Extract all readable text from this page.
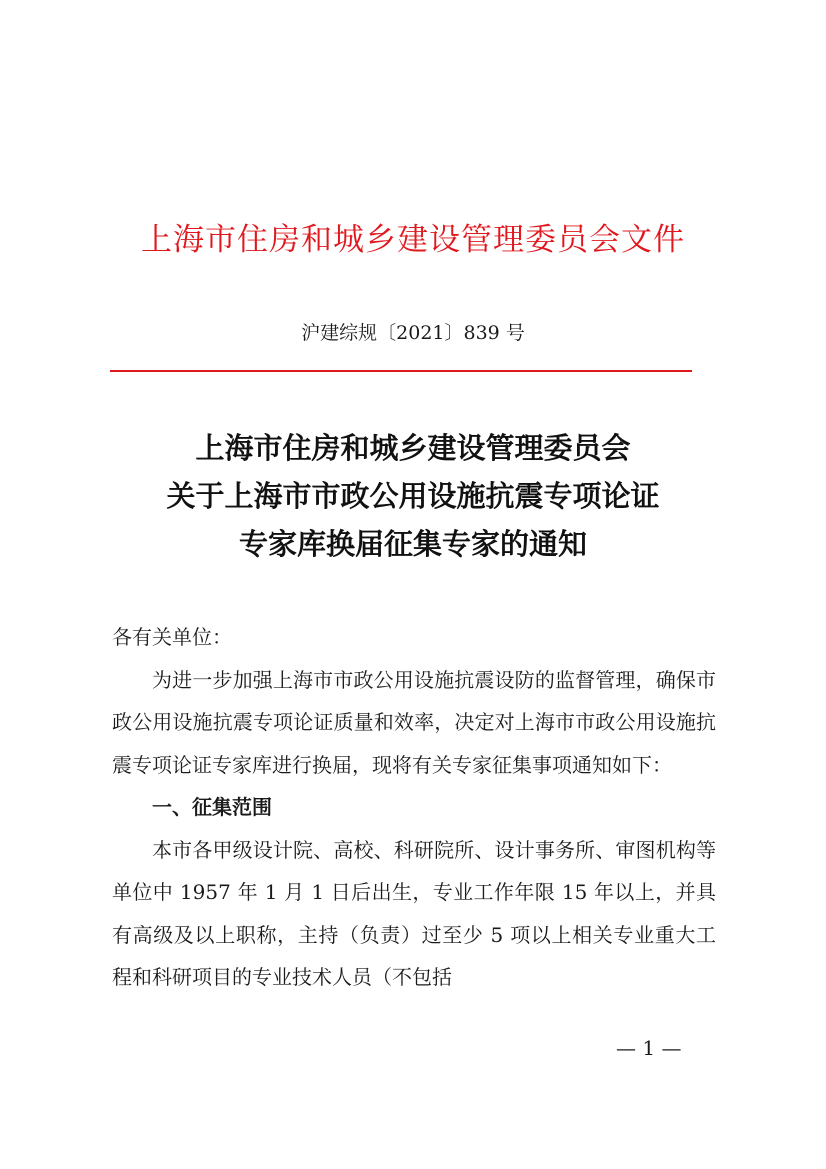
上海市住房和城乡建设管理委员会文件
沪建综规〔2021〕839 号
上海市住房和城乡建设管理委员会
关于上海市市政公用设施抗震专项论证
专家库换届征集专家的通知

各有关单位：

为进一步加强上海市市政公用设施抗震设防的监督管理，确保市政公用设施抗震专项论证质量和效率，决定对上海市市政公用设施抗震专项论证专家库进行换届，现将有关专家征集事项通知如下：

一、征集范围

本市各甲级设计院、高校、科研院所、设计事务所、审图机构等单位中 1957 年 1 月 1 日后出生，专业工作年限 15 年以上，并具有高级及以上职称，主持（负责）过至少 5 项以上相关专业重大工程和科研项目的专业技术人员（不包括

— 1 —
